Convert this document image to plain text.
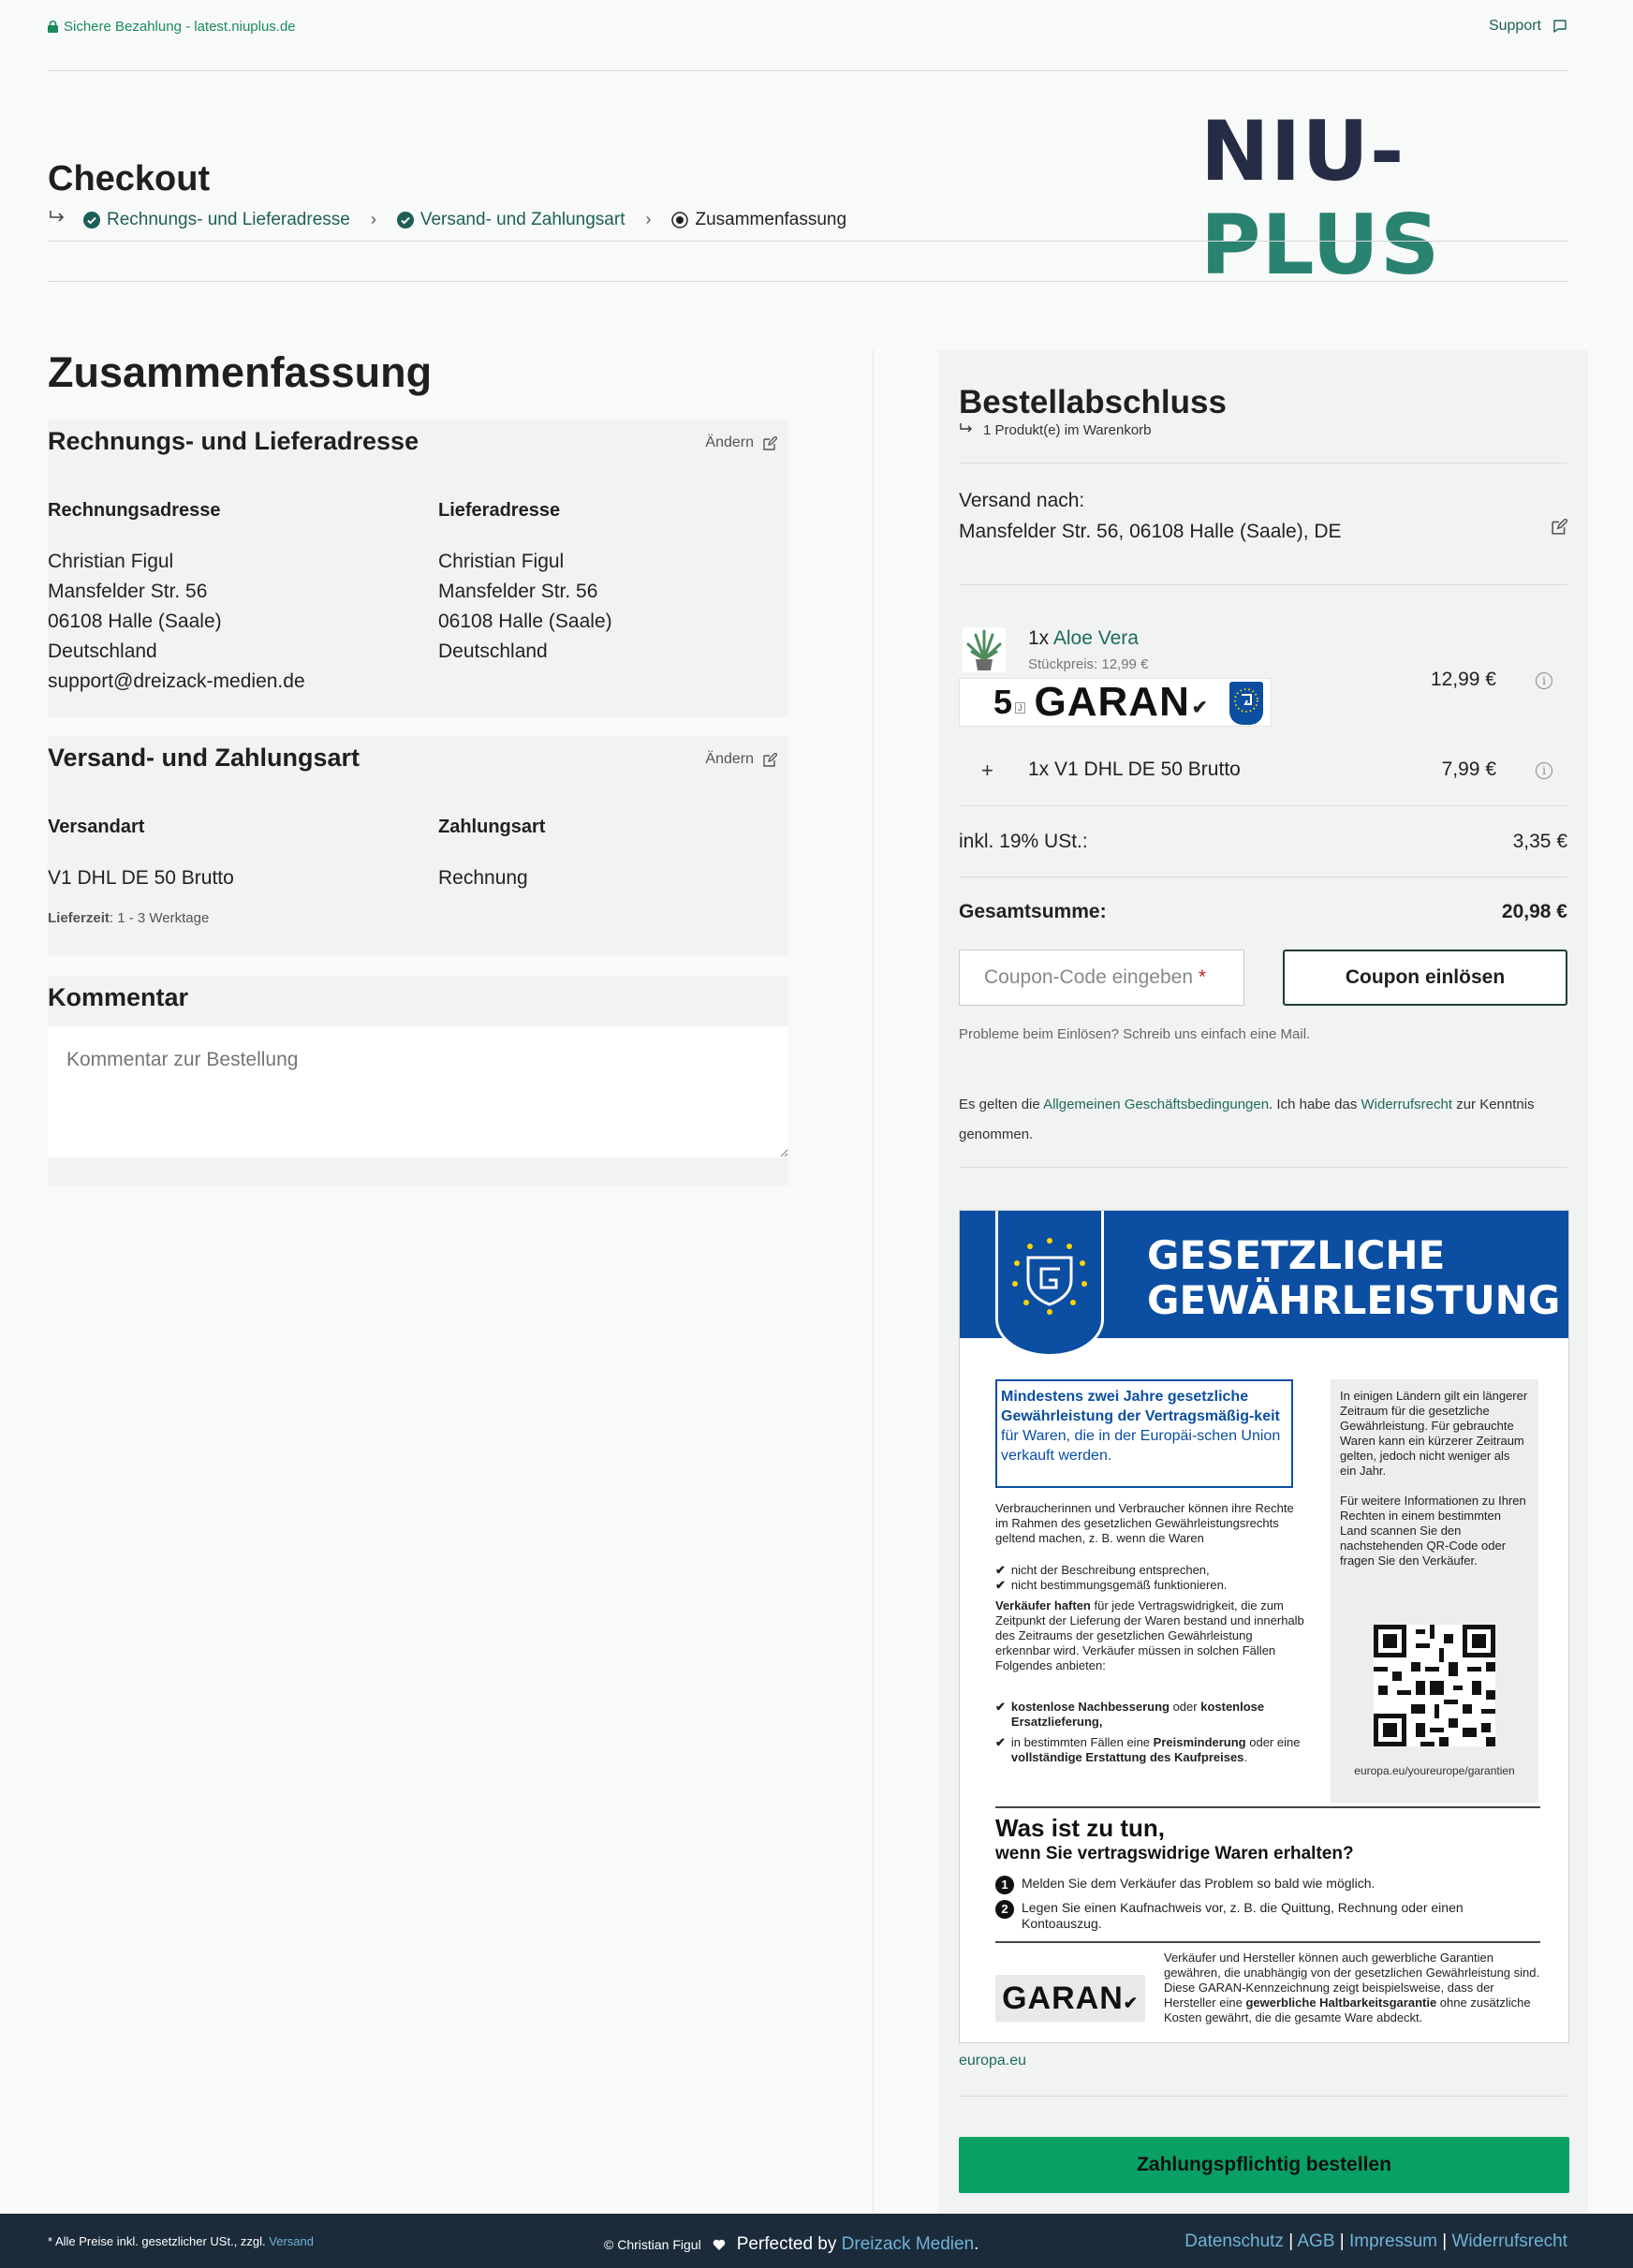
Sichere Bezahlung - latest.niuplus.de	Support
NIU-PLUS
Checkout
Rechnungs- und Lieferadresse › Versand- und Zahlungsart › Zusammenfassung
Zusammenfassung
Rechnungs- und Lieferadresse	Ändern
Rechnungsadresse
Christian Figul
Mansfelder Str. 56
06108 Halle (Saale)
Deutschland
support@dreizack-medien.de
Lieferadresse
Christian Figul
Mansfelder Str. 56
06108 Halle (Saale)
Deutschland
Versand- und Zahlungsart	Ändern
Versandart
V1 DHL DE 50 Brutto
Lieferzeit: 1 - 3 Werktage
Zahlungsart
Rechnung
Kommentar
Kommentar zur Bestellung
Bestellabschluss
1 Produkt(e) im Warenkorb
Versand nach:
Mansfelder Str. 56, 06108 Halle (Saale), DE
1x Aloe Vera
Stückpreis: 12,99 €
5 J GARAN ✔
12,99 €	i
+ 1x V1 DHL DE 50 Brutto	7,99 €	i
inkl. 19% USt.:	3,35 €
Gesamtsumme:	20,98 €
Coupon-Code eingeben *	Coupon einlösen
Probleme beim Einlösen? Schreib uns einfach eine Mail.
Es gelten die Allgemeinen Geschäftsbedingungen. Ich habe das Widerrufsrecht zur Kenntnis genommen.
GESETZLICHE
GEWÄHRLEISTUNG
Mindestens zwei Jahre gesetzliche Gewährleistung der Vertragsmäßig-keit für Waren, die in der Europäi-schen Union verkauft werden.
Verbraucherinnen und Verbraucher können ihre Rechte im Rahmen des gesetzlichen Gewährleistungsrechts geltend machen, z. B. wenn die Waren
✔ nicht der Beschreibung entsprechen,
✔ nicht bestimmungsgemäß funktionieren.
Verkäufer haften für jede Vertragswidrigkeit, die zum Zeitpunkt der Lieferung der Waren bestand und innerhalb des Zeitraums der gesetzlichen Gewährleistung erkennbar wird. Verkäufer müssen in solchen Fällen Folgendes anbieten:
✔ kostenlose Nachbesserung oder kostenlose Ersatzlieferung,
✔ in bestimmten Fällen eine Preisminderung oder eine vollständige Erstattung des Kaufpreises.
In einigen Ländern gilt ein längerer Zeitraum für die gesetzliche Gewährleistung. Für gebrauchte Waren kann ein kürzerer Zeitraum gelten, jedoch nicht weniger als ein Jahr.
Für weitere Informationen zu Ihren Rechten in einem bestimmten Land scannen Sie den nachstehenden QR-Code oder fragen Sie den Verkäufer.
europa.eu/youreurope/garantien
Was ist zu tun,
wenn Sie vertragswidrige Waren erhalten?
1	Melden Sie dem Verkäufer das Problem so bald wie möglich.
2	Legen Sie einen Kaufnachweis vor, z. B. die Quittung, Rechnung oder einen Kontoauszug.
GARAN✔
Verkäufer und Hersteller können auch gewerbliche Garantien gewähren, die unabhängig von der gesetzlichen Gewährleistung sind. Diese GARAN-Kennzeichnung zeigt beispielsweise, dass der Hersteller eine gewerbliche Haltbarkeitsgarantie ohne zusätzliche Kosten gewährt, die die gesamte Ware abdeckt.
europa.eu
Zahlungspflichtig bestellen
* Alle Preise inkl. gesetzlicher USt., zzgl. Versand	© Christian Figul Perfected by Dreizack Medien.	Datenschutz | AGB | Impressum | Widerrufsrecht
